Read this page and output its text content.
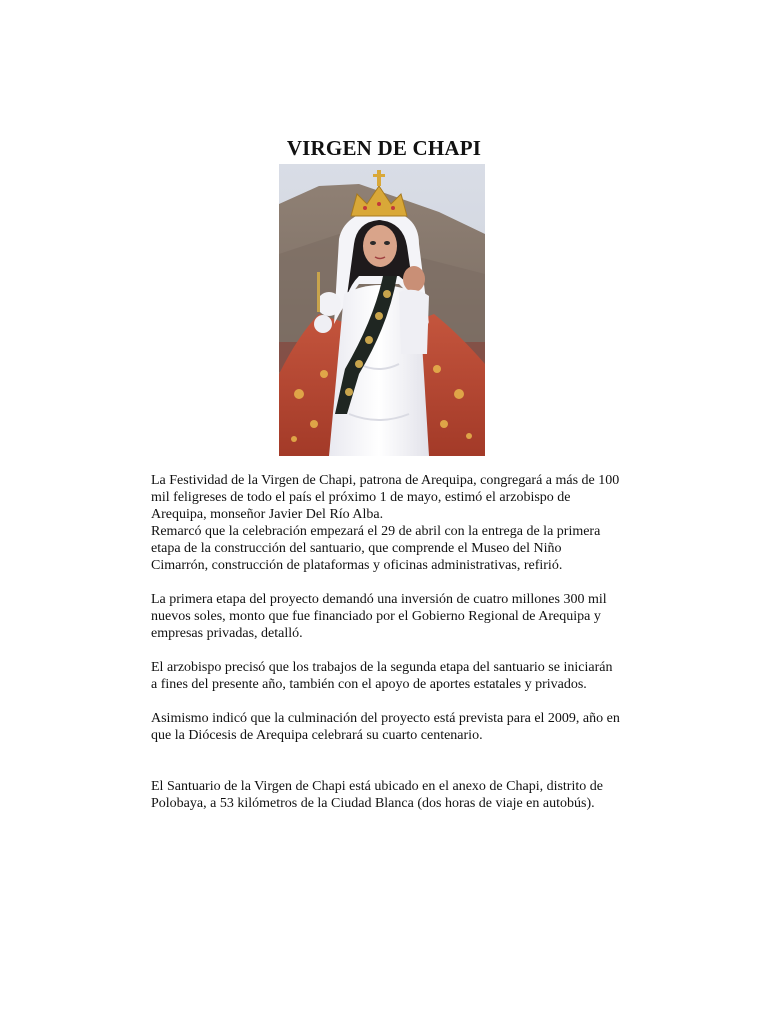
VIRGEN DE CHAPI

La Festividad de la Virgen de Chapi, patrona de Arequipa, congregará a más de 100 mil feligreses de todo el país el próximo 1 de mayo, estimó el arzobispo de Arequipa, monseñor Javier Del Río Alba.

Remarcó que la celebración empezará el 29 de abril con la entrega de la primera etapa de la construcción del santuario, que comprende el Museo del Niño Cimarrón, construcción de plataformas y oficinas administrativas, refirió.

La primera etapa del proyecto demandó una inversión de cuatro millones 300 mil nuevos soles, monto que fue financiado por el Gobierno Regional de Arequipa y empresas privadas, detalló.

El arzobispo precisó que los trabajos de la segunda etapa del santuario se iniciarán a fines del presente año, también con el apoyo de aportes estatales y privados.

Asimismo indicó que la culminación del proyecto está prevista para el 2009, año en que la Diócesis de Arequipa celebrará su cuarto centenario.

El Santuario de la Virgen de Chapi está ubicado en el anexo de Chapi, distrito de Polobaya, a 53 kilómetros de la Ciudad Blanca (dos horas de viaje en autobús).
